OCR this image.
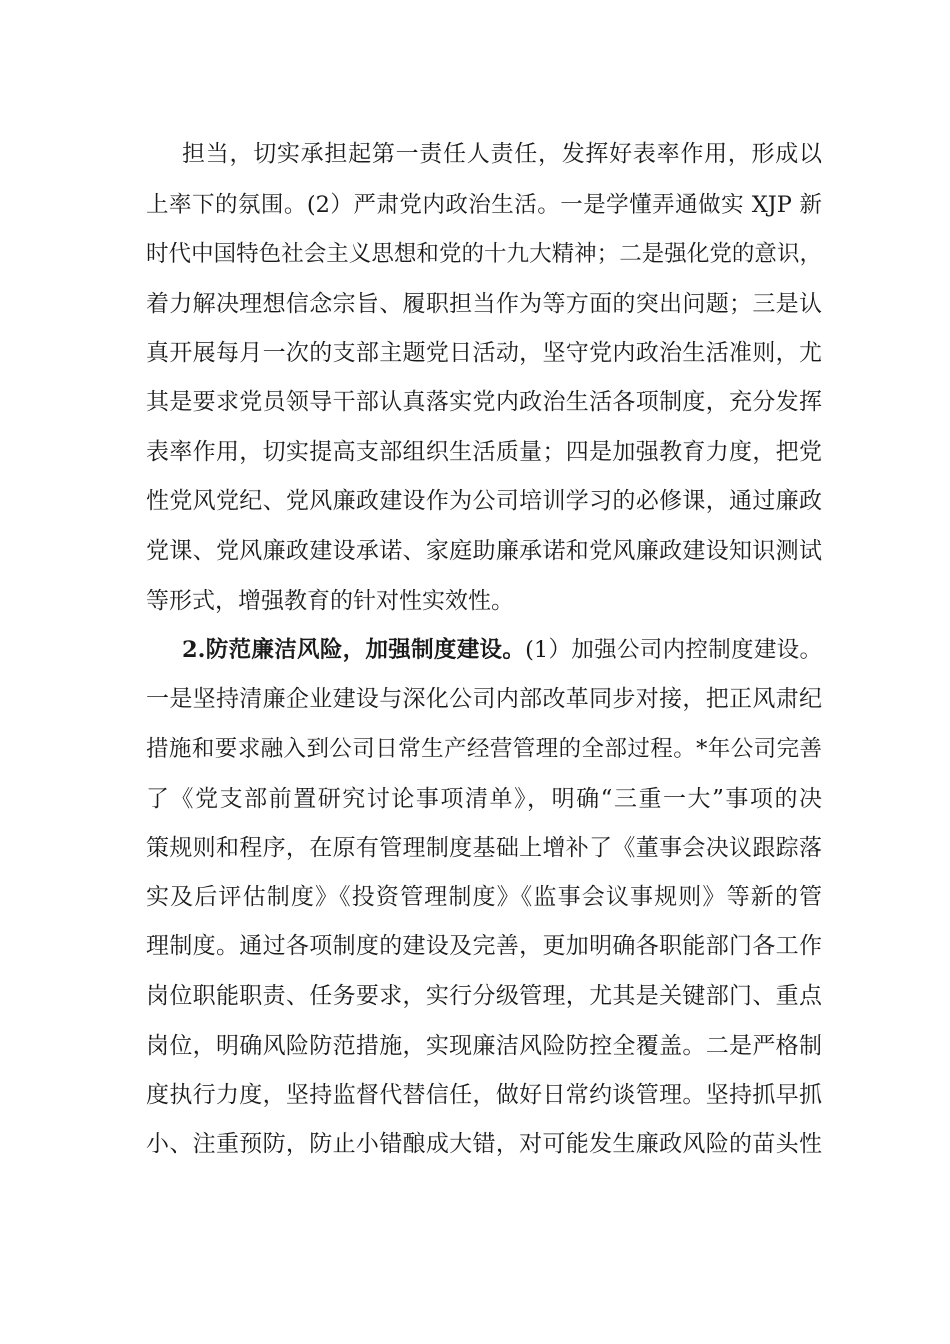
担当，切实承担起第一责任人责任，发挥好表率作用，形成以
上率下的氛围。(2）严肃党内政治生活。一是学懂弄通做实 XJP 新
时代中国特色社会主义思想和党的十九大精神；二是强化党的意识，
着力解决理想信念宗旨、履职担当作为等方面的突出问题；三是认
真开展每月一次的支部主题党日活动，坚守党内政治生活准则，尤
其是要求党员领导干部认真落实党内政治生活各项制度，充分发挥
表率作用，切实提高支部组织生活质量；四是加强教育力度，把党
性党风党纪、党风廉政建设作为公司培训学习的必修课，通过廉政
党课、党风廉政建设承诺、家庭助廉承诺和党风廉政建设知识测试
等形式，增强教育的针对性实效性。
2.防范廉洁风险，加强制度建设。(1）加强公司内控制度建设。
一是坚持清廉企业建设与深化公司内部改革同步对接，把正风肃纪
措施和要求融入到公司日常生产经营管理的全部过程。*年公司完善
了《党支部前置研究讨论事项清单》，明确“三重一大”事项的决
策规则和程序，在原有管理制度基础上增补了《董事会决议跟踪落
实及后评估制度》《投资管理制度》《监事会议事规则》等新的管
理制度。通过各项制度的建设及完善，更加明确各职能部门各工作
岗位职能职责、任务要求，实行分级管理，尤其是关键部门、重点
岗位，明确风险防范措施，实现廉洁风险防控全覆盖。二是严格制
度执行力度，坚持监督代替信任，做好日常约谈管理。坚持抓早抓
小、注重预防，防止小错酿成大错，对可能发生廉政风险的苗头性
